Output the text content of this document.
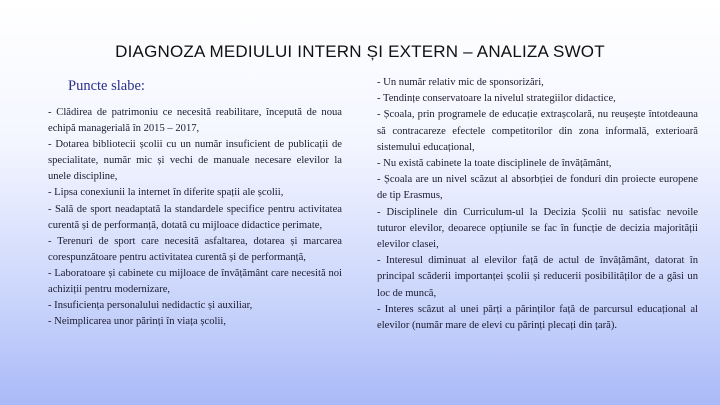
DIAGNOZA MEDIULUI INTERN ȘI EXTERN – ANALIZA SWOT
Puncte slabe:

- Clădirea de patrimoniu ce necesită reabilitare, începută de noua echipă managerială în 2015 – 2017,
- Dotarea bibliotecii școlii cu un număr insuficient de publicații de specialitate, număr mic și vechi de manuale necesare elevilor la unele discipline,
- Lipsa conexiunii la internet în diferite spații ale școlii,
- Sală de sport neadaptată la standardele specifice pentru activitatea curentă și de performanță, dotată cu mijloace didactice perimate,
- Terenuri de sport care necesită asfaltarea, dotarea și marcarea corespunzătoare pentru activitatea curentă și de performanță,
- Laboratoare și cabinete cu mijloace de învățământ care necesită noi achiziții pentru modernizare,
- Insuficiența personalului nedidactic și auxiliar,
- Neimplicarea unor părinți în viața școlii,

- Un număr relativ mic de sponsorizări,
- Tendințe conservatoare la nivelul strategiilor didactice,
- Școala, prin programele de educație extrașcolară, nu reușește întotdeauna să contracareze efectele competitorilor din zona informală, exterioară sistemului educațional,
- Nu există cabinete la toate disciplinele de învățământ,
- Școala are un nivel scăzut al absorbției de fonduri din proiecte europene de tip Erasmus,
- Disciplinele din Curriculum-ul la Decizia Școlii nu satisfac nevoile tuturor elevilor, deoarece opțiunile se fac în funcție de decizia majorității elevilor clasei,
- Interesul diminuat al elevilor față de actul de învățământ, datorat în principal scăderii importanței școlii și reducerii posibilităților de a găsi un loc de muncă,
- Interes scăzut al unei părți a părinților față de parcursul educațional al elevilor (număr mare de elevi cu părinți plecați din țară).
